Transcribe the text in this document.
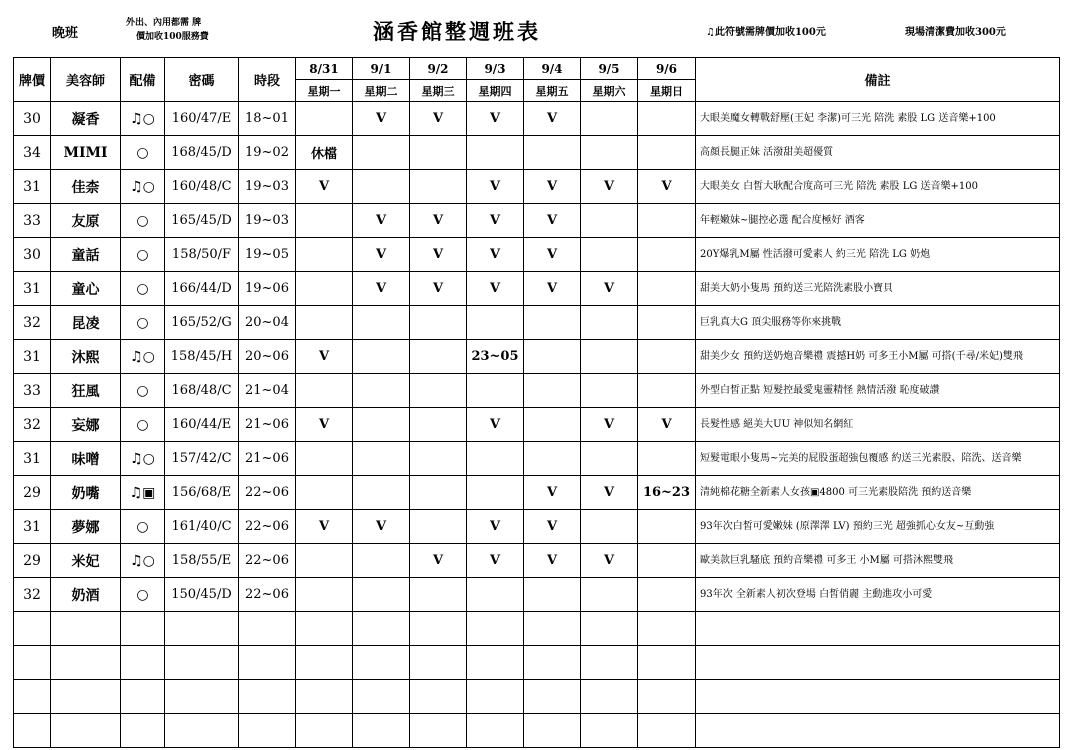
晚班
外出、內用都需 牌
價加收100服務費	涵香館整週班表	♫此符號需牌價加收100元	現場清潔費加收300元
牌價	美容師	配備	密碼	時段	8/31	9/1	9/2	9/3	9/4	9/5	9/6	備註
					星期一	星期二	星期三	星期四	星期五	星期六	星期日	
30	凝香	♫○	160/47/E	18~01		V	V	V	V			大眼美魔女轉戰舒壓(王妃 李潔)可三光 陪洗 素股 LG 送音樂+100
34	MIMI	○	168/45/D	19~02	休檔							高顏長腿正妹 活潑甜美超優質
31	佳柰	♫○	160/48/C	19~03	V			V	V	V	V	大眼美女 白皙大耿配合度高可三光 陪洗 素股 LG 送音樂+100
33	友原	○	165/45/D	19~03		V	V	V	V			年輕嫩妹~腿控必選 配合度極好 酒客
30	童話	○	158/50/F	19~05		V	V	V	V			20Y爆乳M屬 性活潑可愛素人 約三光 陪洗 LG 奶炮
31	童心	○	166/44/D	19~06		V	V	V	V	V		甜美大奶小隻馬 預約送三光陪洗素股小寶貝
32	昆凌	○	165/52/G	20~04								巨乳真大G 頂尖服務等你來挑戰
31	沐熙	♫○	158/45/H	20~06	V			23~05				甜美少女 預約送奶炮音樂禮 震撼H奶 可多王小M屬 可搭(千尋/米妃)雙飛
33	狂風	○	168/48/C	21~04								外型白皙正點 短髮控最愛鬼靈精怪 熱情活潑 恥度破讚
32	妄娜	○	160/44/E	21~06	V			V		V	V	長髮性感 絕美大UU 神似知名網紅
31	味噌	♫○	157/42/C	21~06								短髮電眼小隻馬~完美的屁股蛋超強包覆感 約送三光素股、陪洗、送音樂
29	奶嘴	♫▣	156/68/E	22~06					V	V	16~23	清純棉花糖全新素人女孩▣4800 可三光素股陪洗 預約送音樂
31	夢娜	○	161/40/C	22~06	V	V		V	V			93年次白皙可愛嫩妹 (原澤澤 LV) 預約三光 超強抓心女友~互動強
29	米妃	♫○	158/55/E	22~06			V	V	V	V		歐美款巨乳騷底 預約音樂禮 可多王 小M屬 可搭沐熙雙飛
32	奶酒	○	150/45/D	22~06								93年次 全新素人初次登場 白皙俏麗 主動進攻小可愛
